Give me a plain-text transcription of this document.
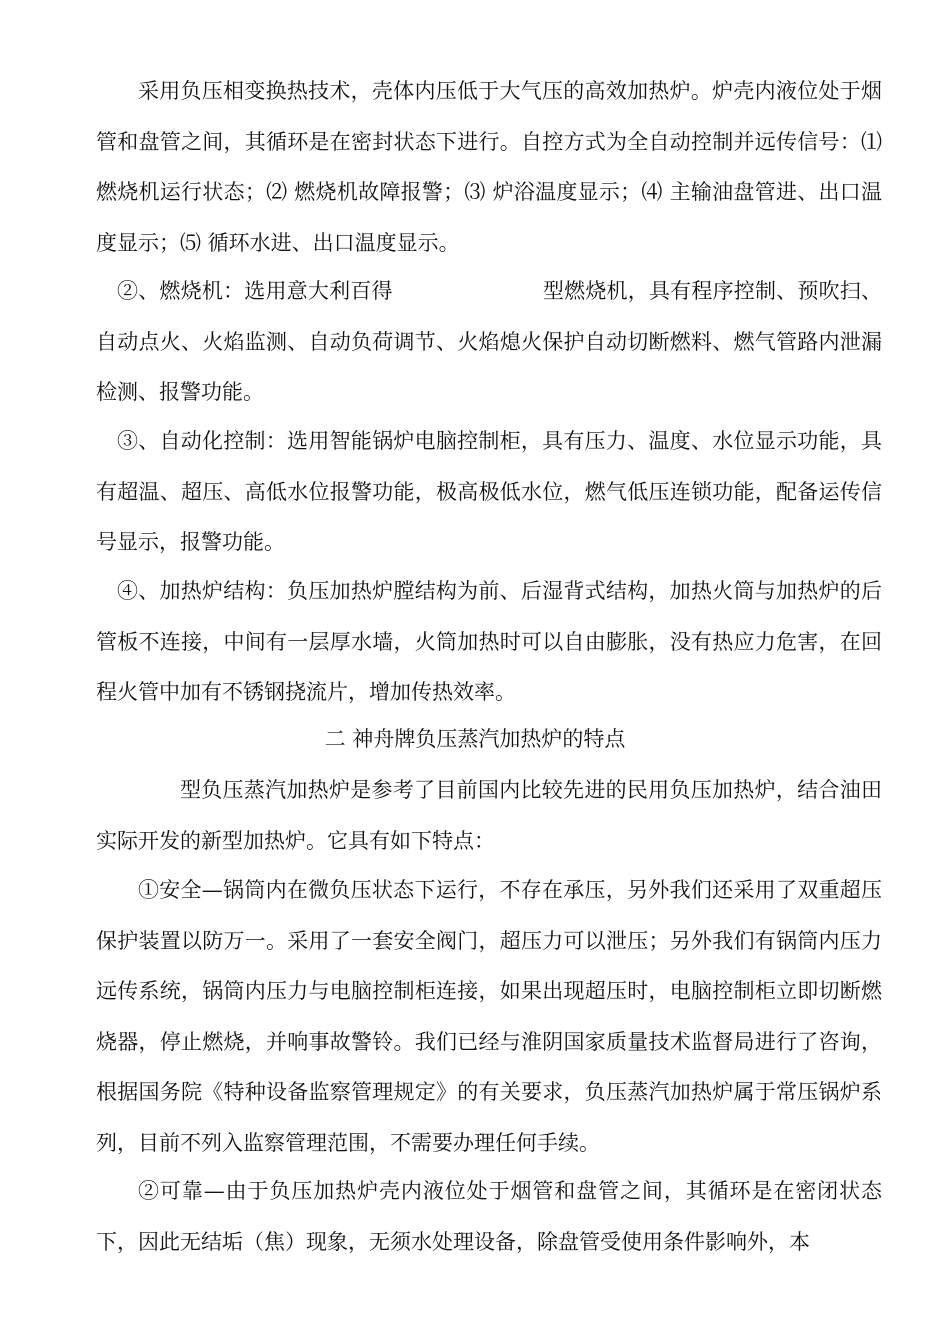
采用负压相变换热技术，壳体内压低于大气压的高效加热炉。炉壳内液位处于烟管和盘管之间，其循环是在密封状态下进行。自控方式为全自动控制并远传信号：⑴ 燃烧机运行状态；⑵ 燃烧机故障报警；⑶ 炉浴温度显示；⑷ 主输油盘管进、出口温度显示；⑸ 循环水进、出口温度显示。
②、燃烧机：选用意大利百得	型燃烧机，具有程序控制、预吹扫、自动点火、火焰监测、自动负荷调节、火焰熄火保护自动切断燃料、燃气管路内泄漏检测、报警功能。
③、自动化控制：选用智能锅炉电脑控制柜，具有压力、温度、水位显示功能，具有超温、超压、高低水位报警功能，极高极低水位，燃气低压连锁功能，配备运传信号显示，报警功能。
④、加热炉结构：负压加热炉膛结构为前、后湿背式结构，加热火筒与加热炉的后管板不连接，中间有一层厚水墙，火筒加热时可以自由膨胀，没有热应力危害，在回程火管中加有不锈钢挠流片，增加传热效率。
二 神舟牌负压蒸汽加热炉的特点
型负压蒸汽加热炉是参考了目前国内比较先进的民用负压加热炉，结合油田实际开发的新型加热炉。它具有如下特点：
①安全—锅筒内在微负压状态下运行，不存在承压，另外我们还采用了双重超压保护装置以防万一。采用了一套安全阀门，超压力可以泄压；另外我们有锅筒内压力远传系统，锅筒内压力与电脑控制柜连接，如果出现超压时，电脑控制柜立即切断燃烧器，停止燃烧，并响事故警铃。我们已经与淮阴国家质量技术监督局进行了咨询，根据国务院《特种设备监察管理规定》的有关要求，负压蒸汽加热炉属于常压锅炉系列，目前不列入监察管理范围，不需要办理任何手续。
②可靠—由于负压加热炉壳内液位处于烟管和盘管之间，其循环是在密闭状态下，因此无结垢（焦）现象，无须水处理设备，除盘管受使用条件影响外，本
